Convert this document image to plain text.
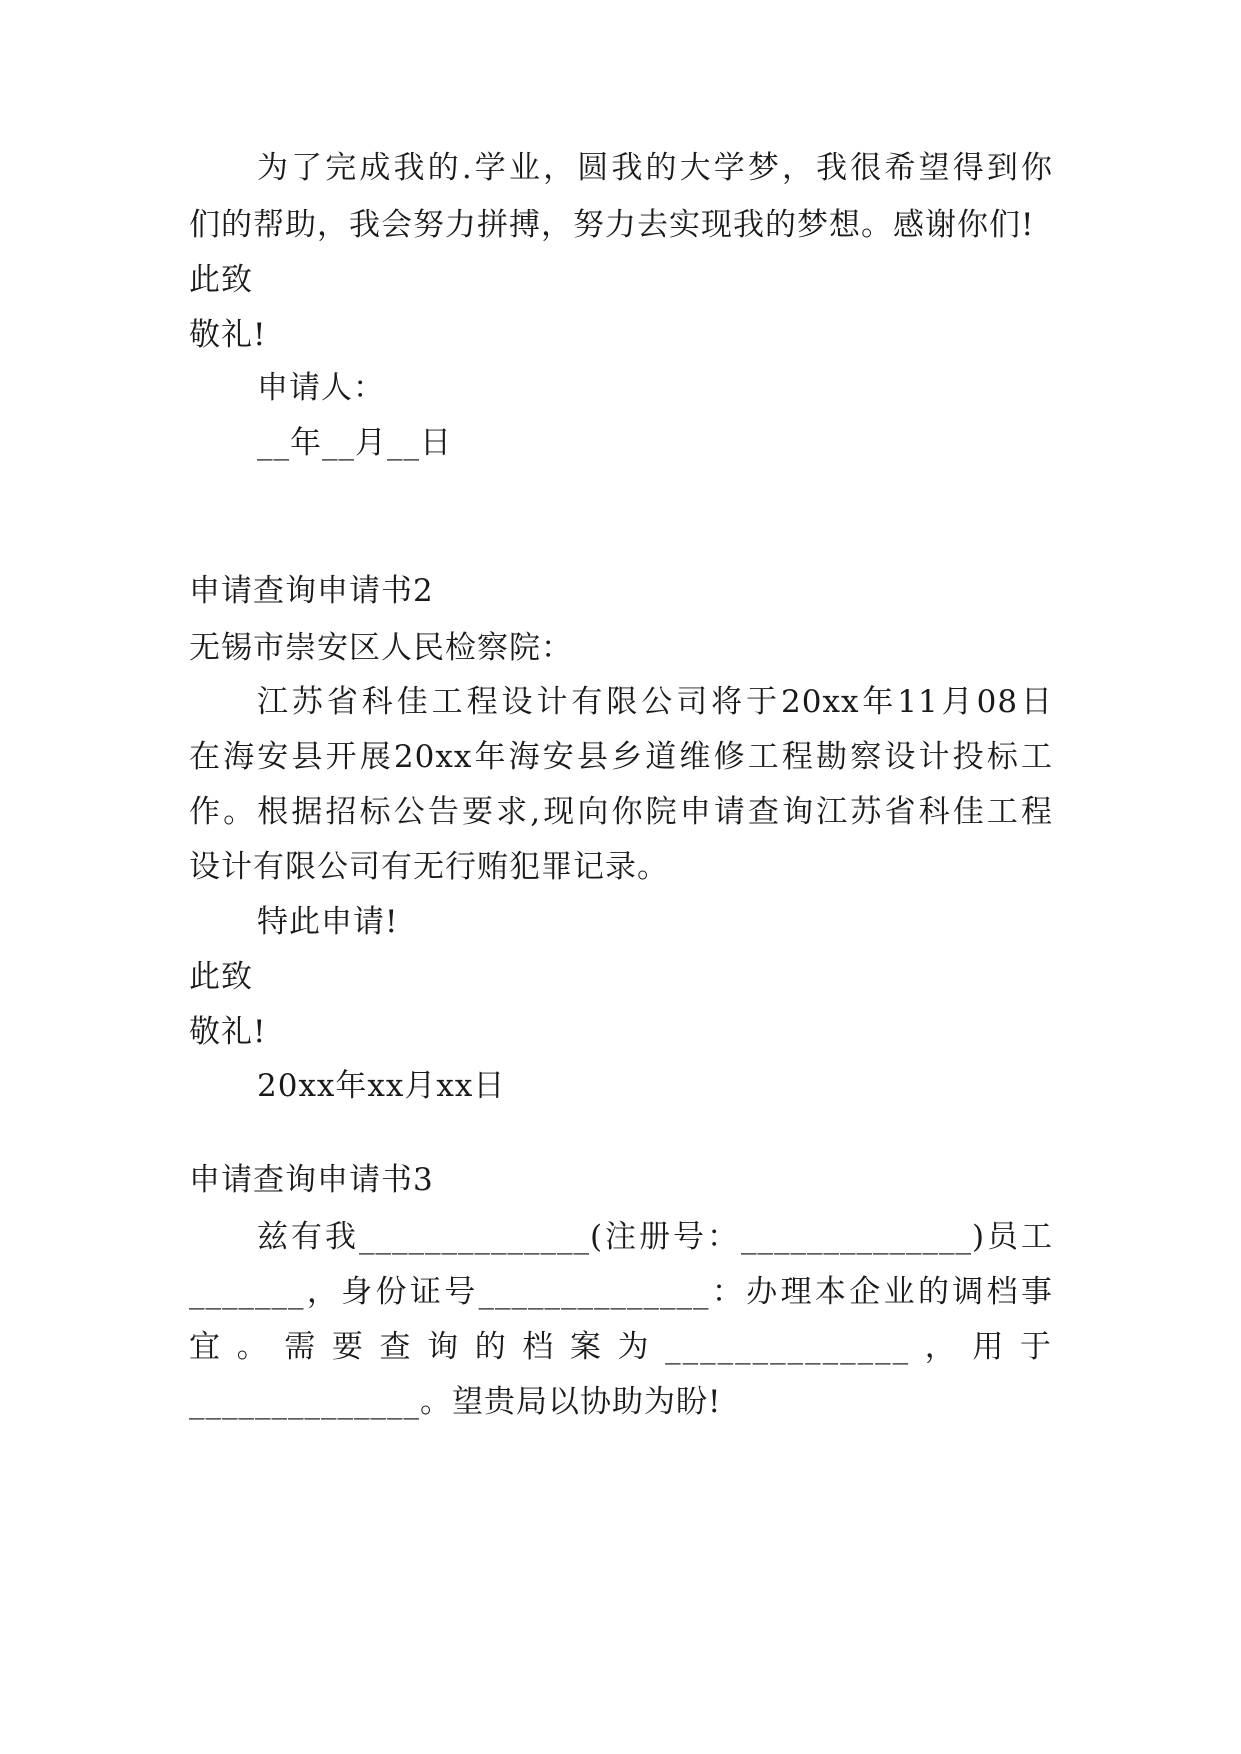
为了完成我的.学业，圆我的大学梦，我很希望得到你
们的帮助，我会努力拼搏，努力去实现我的梦想。感谢你们!
此致
敬礼!
申请人：
__年__月__日
申请查询申请书2
无锡市崇安区人民检察院：
江苏省科佳工程设计有限公司将于20xx年11月08日
在海安县开展20xx年海安县乡道维修工程勘察设计投标工
作。根据招标公告要求,现向你院申请查询江苏省科佳工程
设计有限公司有无行贿犯罪记录。
特此申请!
此致
敬礼!
20xx年xx月xx日
申请查询申请书3
兹有我______________(注册号：______________)员工
_______，身份证号______________：办理本企业的调档事
宜。需要查询的档案为______________，用于
______________。望贵局以协助为盼!
